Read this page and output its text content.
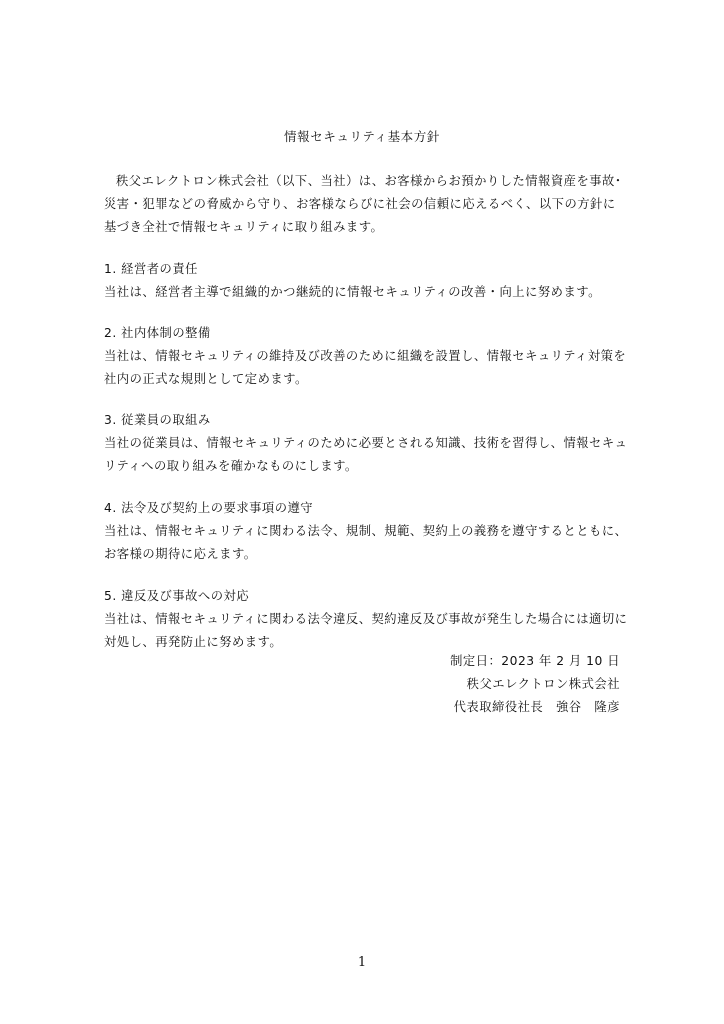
情報セキュリティ基本方針

秩父エレクトロン株式会社（以下、当社）は、お客様からお預かりした情報資産を事故･災害・犯罪などの脅威から守り、お客様ならびに社会の信頼に応えるべく、以下の方針に基づき全社で情報セキュリティに取り組みます。

1. 経営者の責任

当社は、経営者主導で組織的かつ継続的に情報セキュリティの改善・向上に努めます。

2. 社内体制の整備

当社は、情報セキュリティの維持及び改善のために組織を設置し、情報セキュリティ対策を社内の正式な規則として定めます。

3. 従業員の取組み

当社の従業員は、情報セキュリティのために必要とされる知識、技術を習得し、情報セキュリティへの取り組みを確かなものにします。

4. 法令及び契約上の要求事項の遵守

当社は、情報セキュリティに関わる法令、規制、規範、契約上の義務を遵守するとともに、お客様の期待に応えます。

5. 違反及び事故への対応

当社は、情報セキュリティに関わる法令違反、契約違反及び事故が発生した場合には適切に対処し、再発防止に努めます。

制定日：2023 年 2 月 10 日
秩父エレクトロン株式会社
代表取締役社長　強谷　隆彦
1
